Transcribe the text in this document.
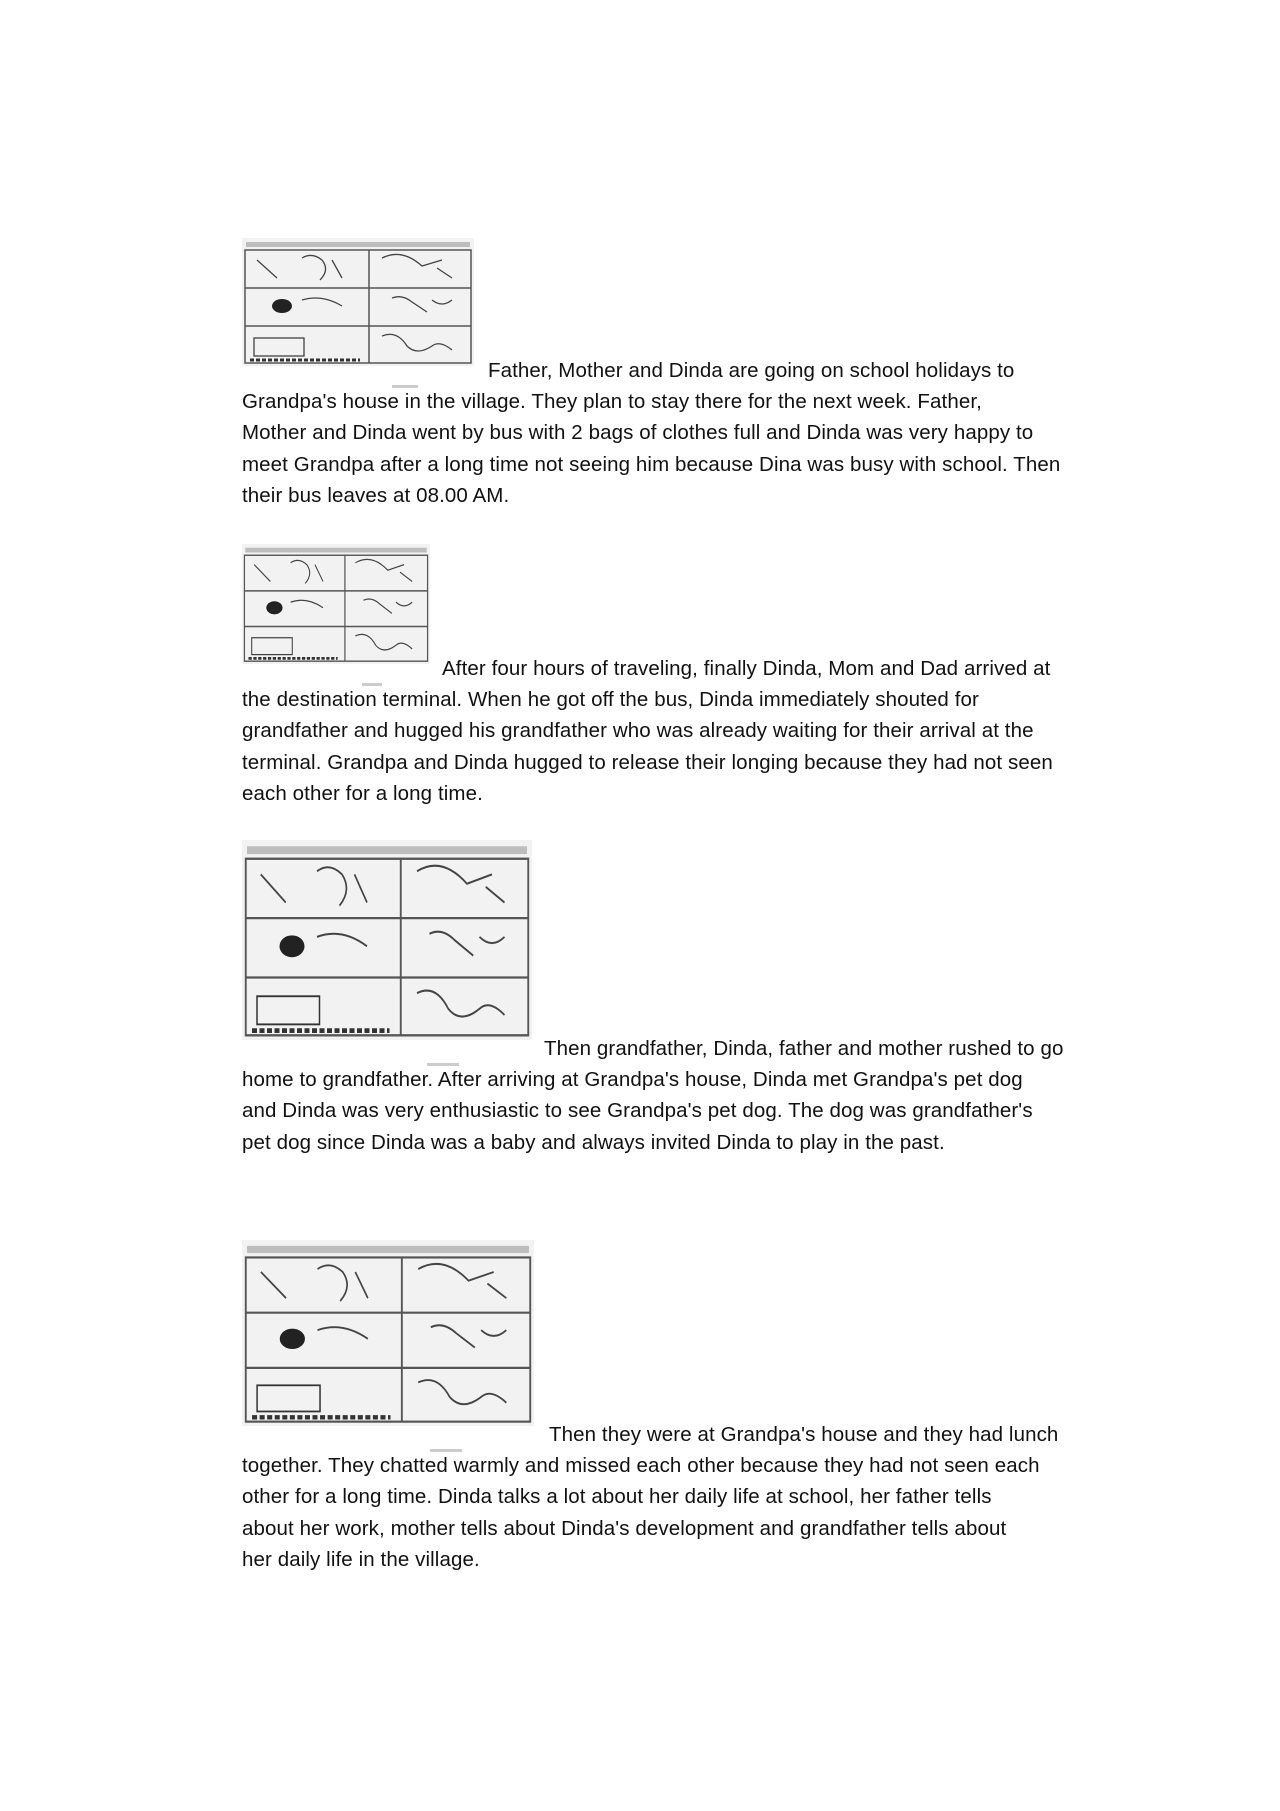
Father, Mother and Dinda are going on school holidays to

Grandpa's house in the village. They plan to stay there for the next week. Father,
Mother and Dinda went by bus with 2 bags of clothes full and Dinda was very happy to
meet Grandpa after a long time not seeing him because Dina was busy with school. Then
their bus leaves at 08.00 AM.

After four hours of traveling, finally Dinda, Mom and Dad arrived at

the destination terminal. When he got off the bus, Dinda immediately shouted for
grandfather and hugged his grandfather who was already waiting for their arrival at the
terminal. Grandpa and Dinda hugged to release their longing because they had not seen
each other for a long time.

Then grandfather, Dinda, father and mother rushed to go

home to grandfather. After arriving at Grandpa's house, Dinda met Grandpa's pet dog
and Dinda was very enthusiastic to see Grandpa's pet dog. The dog was grandfather's
pet dog since Dinda was a baby and always invited Dinda to play in the past.

Then they were at Grandpa's house and they had lunch

together. They chatted warmly and missed each other because they had not seen each
other for a long time. Dinda talks a lot about her daily life at school, her father tells
about her work, mother tells about Dinda's development and grandfather tells about
her daily life in the village.
